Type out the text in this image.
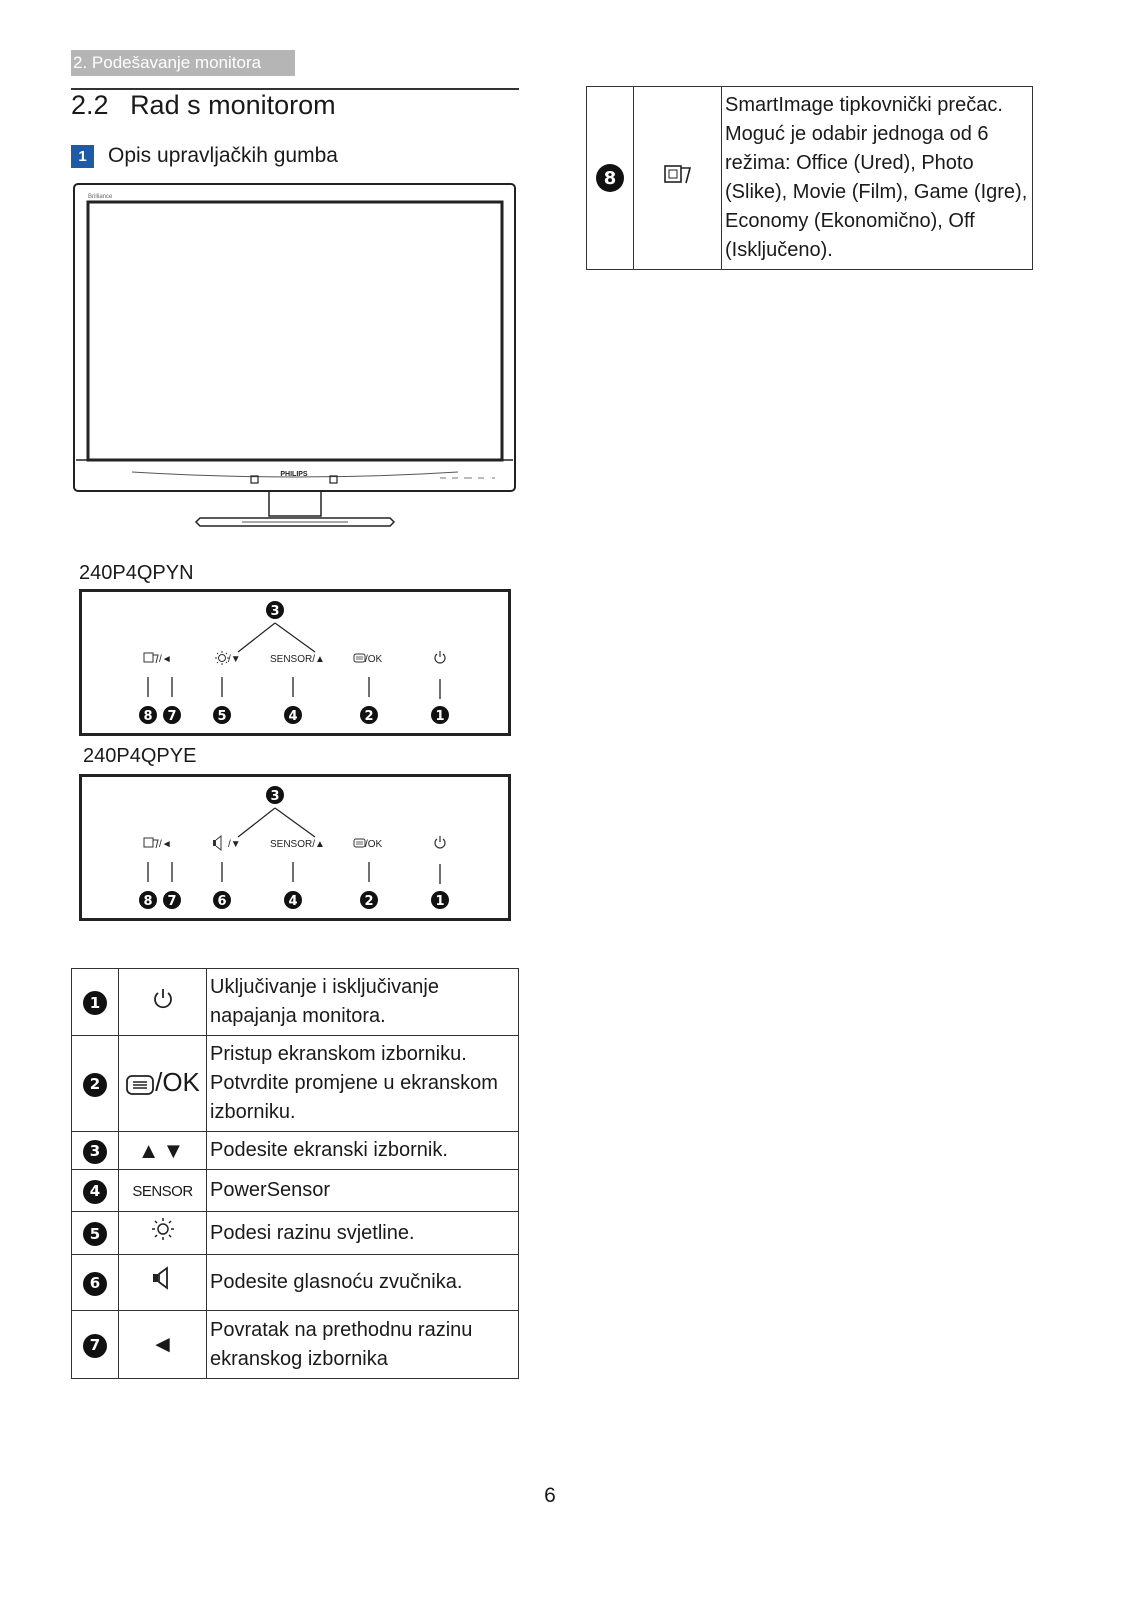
2. Podešavanje monitora
2.2 Rad s monitorom
1	Opis upravljačkih gumba
Brilliance
PHILIPS
240P4QPYN
3
/◄	/▼	SENSOR/▲	/OK
8 7	5	4	2	1
240P4QPYE
3
/◄	/▼	SENSOR/▲	/OK
8 7	6	4	2	1
1		Uključivanje i isključivanje napajanja monitora.
2	/OK	Pristup ekranskom izborniku. Potvrdite promjene u ekranskom izborniku.
3	▲▼	Podesite ekranski izbornik.
4	SENSOR	PowerSensor
5		Podesi razinu svjetline.
6		Podesite glasnoću zvučnika.
7	◄	Povratak na prethodnu razinu ekranskog izbornika
8		SmartImage tipkovnički prečac. Moguć je odabir jednoga od 6 režima: Office (Ured), Photo (Slike), Movie (Film), Game (Igre), Economy (Ekonomično), Off (Isključeno).
6
